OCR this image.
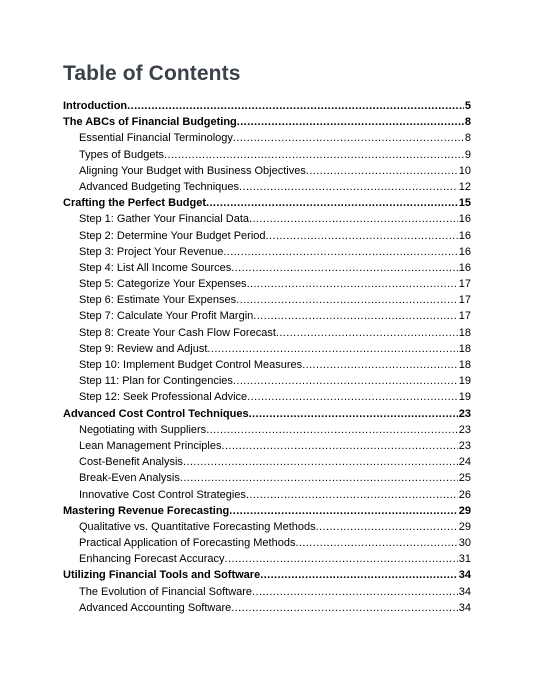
Table of Contents
Introduction .....	5
The ABCs of Financial Budgeting .....	8
Essential Financial Terminology .....	8
Types of Budgets .....	9
Aligning Your Budget with Business Objectives .....	10
Advanced Budgeting Techniques .....	12
Crafting the Perfect Budget .....	15
Step 1: Gather Your Financial Data .....	16
Step 2: Determine Your Budget Period .....	16
Step 3: Project Your Revenue .....	16
Step 4: List All Income Sources .....	16
Step 5: Categorize Your Expenses .....	17
Step 6: Estimate Your Expenses .....	17
Step 7: Calculate Your Profit Margin .....	17
Step 8: Create Your Cash Flow Forecast .....	18
Step 9: Review and Adjust .....	18
Step 10: Implement Budget Control Measures .....	18
Step 11: Plan for Contingencies .....	19
Step 12: Seek Professional Advice .....	19
Advanced Cost Control Techniques .....	23
Negotiating with Suppliers .....	23
Lean Management Principles .....	23
Cost-Benefit Analysis .....	24
Break-Even Analysis .....	25
Innovative Cost Control Strategies .....	26
Mastering Revenue Forecasting .....	29
Qualitative vs. Quantitative Forecasting Methods .....	29
Practical Application of Forecasting Methods .....	30
Enhancing Forecast Accuracy .....	31
Utilizing Financial Tools and Software .....	34
The Evolution of Financial Software .....	34
Advanced Accounting Software .....	34
